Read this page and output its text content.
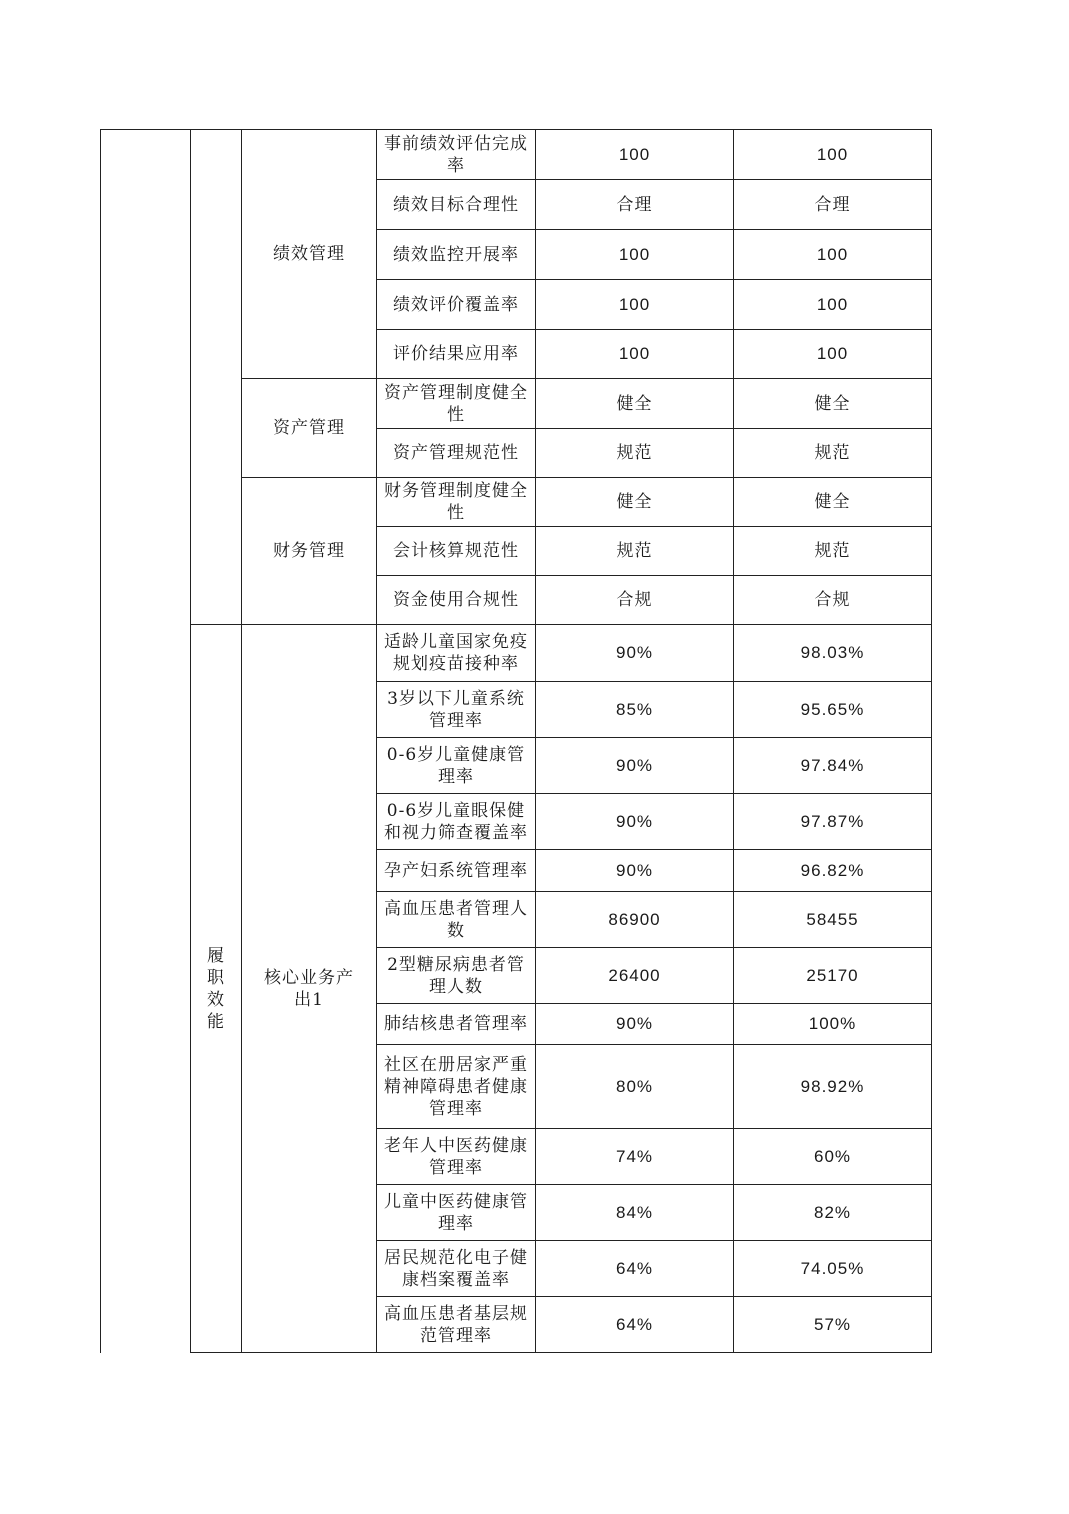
		绩效管理	事前绩效评估完成率	100	100
			绩效目标合理性	合理	合理
			绩效监控开展率	100	100
			绩效评价覆盖率	100	100
			评价结果应用率	100	100
		资产管理	资产管理制度健全性	健全	健全
			资产管理规范性	规范	规范
		财务管理	财务管理制度健全性	健全	健全
			会计核算规范性	规范	规范
			资金使用合规性	合规	合规
	履职效能	核心业务产出1	适龄儿童国家免疫规划疫苗接种率	90%	98.03%
			3岁以下儿童系统管理率	85%	95.65%
			0-6岁儿童健康管理率	90%	97.84%
			0-6岁儿童眼保健和视力筛查覆盖率	90%	97.87%
			孕产妇系统管理率	90%	96.82%
			高血压患者管理人数	86900	58455
			2型糖尿病患者管理人数	26400	25170
			肺结核患者管理率	90%	100%
			社区在册居家严重精神障碍患者健康管理率	80%	98.92%
			老年人中医药健康管理率	74%	60%
			儿童中医药健康管理率	84%	82%
			居民规范化电子健康档案覆盖率	64%	74.05%
			高血压患者基层规范管理率	64%	57%
